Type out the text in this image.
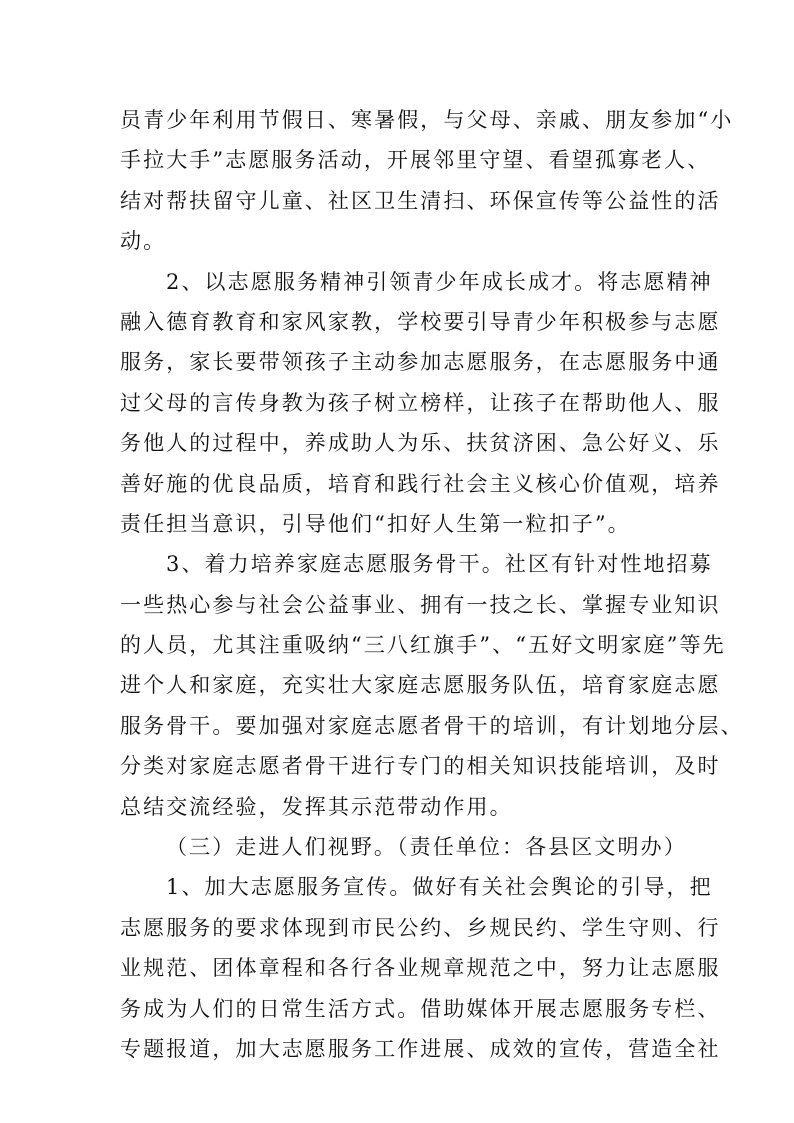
员青少年利用节假日、寒暑假，与父母、亲戚、朋友参加“小
手拉大手”志愿服务活动，开展邻里守望、看望孤寡老人、
结对帮扶留守儿童、社区卫生清扫、环保宣传等公益性的活
动。
2、以志愿服务精神引领青少年成长成才。将志愿精神
融入德育教育和家风家教，学校要引导青少年积极参与志愿
服务，家长要带领孩子主动参加志愿服务，在志愿服务中通
过父母的言传身教为孩子树立榜样，让孩子在帮助他人、服
务他人的过程中，养成助人为乐、扶贫济困、急公好义、乐
善好施的优良品质，培育和践行社会主义核心价值观，培养
责任担当意识，引导他们“扣好人生第一粒扣子”。
3、着力培养家庭志愿服务骨干。社区有针对性地招募
一些热心参与社会公益事业、拥有一技之长、掌握专业知识
的人员，尤其注重吸纳“三八红旗手”、“五好文明家庭”等先
进个人和家庭，充实壮大家庭志愿服务队伍，培育家庭志愿
服务骨干。要加强对家庭志愿者骨干的培训，有计划地分层、
分类对家庭志愿者骨干进行专门的相关知识技能培训，及时
总结交流经验，发挥其示范带动作用。
（三）走进人们视野。（责任单位：各县区文明办）
1、加大志愿服务宣传。做好有关社会舆论的引导，把
志愿服务的要求体现到市民公约、乡规民约、学生守则、行
业规范、团体章程和各行各业规章规范之中，努力让志愿服
务成为人们的日常生活方式。借助媒体开展志愿服务专栏、
专题报道，加大志愿服务工作进展、成效的宣传，营造全社
